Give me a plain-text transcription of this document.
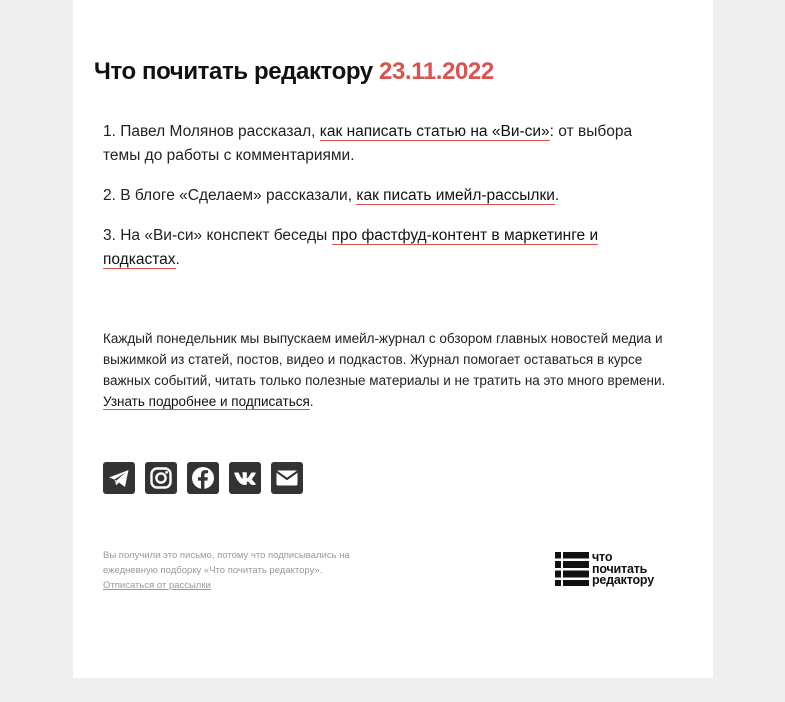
Что почитать редактору 23.11.2022

1. Павел Молянов рассказал, как написать статью на «Ви-си»: от выбора темы до работы с комментариями.

2. В блоге «Сделаем» рассказали, как писать имейл-рассылки.

3. На «Ви-си» конспект беседы про фастфуд-контент в маркетинге и подкастах.

Каждый понедельник мы выпускаем имейл-журнал с обзором главных новостей медиа и выжимкой из статей, постов, видео и подкастов. Журнал помогает оставаться в курсе важных событий, читать только полезные материалы и не тратить на это много времени. Узнать подробнее и подписаться.
Вы получили это письмо, потому что подписывались на ежедневную подборку «Что почитать редактору».
Отписаться от рассылки
что
почитать
редактору
